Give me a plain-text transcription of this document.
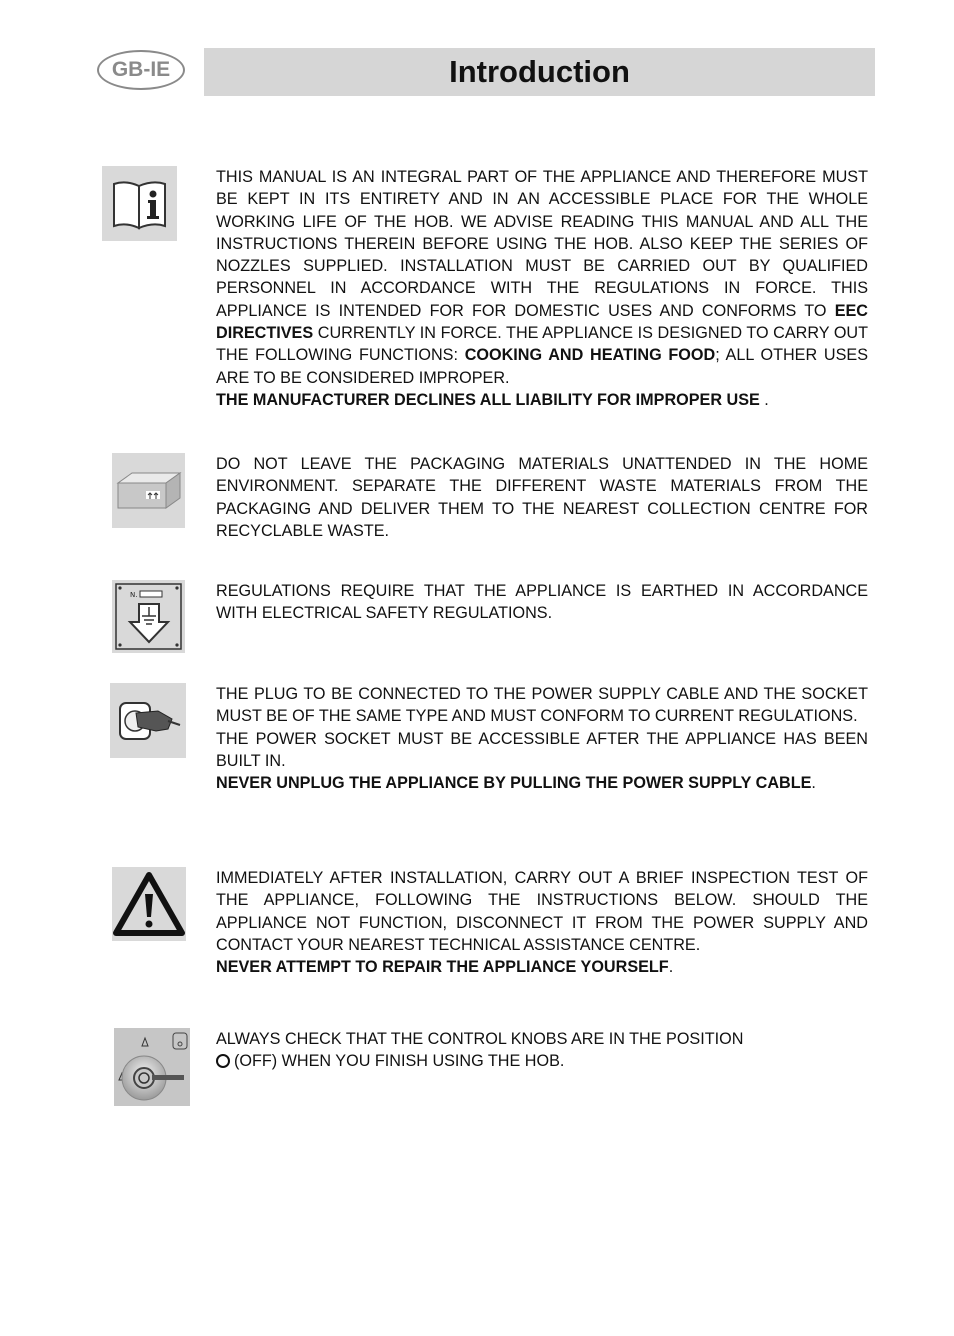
GB-IE	Introduction

THIS MANUAL IS AN INTEGRAL PART OF THE APPLIANCE AND THEREFORE MUST BE KEPT IN ITS ENTIRETY AND IN AN ACCESSIBLE PLACE FOR THE WHOLE WORKING LIFE OF THE HOB. WE ADVISE READING THIS MANUAL AND ALL THE INSTRUCTIONS THEREIN BEFORE USING THE HOB. ALSO KEEP THE SERIES OF NOZZLES SUPPLIED. INSTALLATION MUST BE CARRIED OUT BY QUALIFIED PERSONNEL IN ACCORDANCE WITH THE REGULATIONS IN FORCE. THIS APPLIANCE IS INTENDED FOR FOR DOMESTIC USES AND CONFORMS TO EEC DIRECTIVES CURRENTLY IN FORCE. THE APPLIANCE IS DESIGNED TO CARRY OUT THE FOLLOWING FUNCTIONS: COOKING AND HEATING FOOD; ALL OTHER USES ARE TO BE CONSIDERED IMPROPER.

THE MANUFACTURER DECLINES ALL LIABILITY FOR IMPROPER USE .

DO NOT LEAVE THE PACKAGING MATERIALS UNATTENDED IN THE HOME ENVIRONMENT. SEPARATE THE DIFFERENT WASTE MATERIALS FROM THE PACKAGING AND DELIVER THEM TO THE NEAREST COLLECTION CENTRE FOR RECYCLABLE WASTE.

N.	REGULATIONS REQUIRE THAT THE APPLIANCE IS EARTHED IN ACCORDANCE WITH ELECTRICAL SAFETY REGULATIONS.

THE PLUG TO BE CONNECTED TO THE POWER SUPPLY CABLE AND THE SOCKET MUST BE OF THE SAME TYPE AND MUST CONFORM TO CURRENT REGULATIONS.

THE POWER SOCKET MUST BE ACCESSIBLE AFTER THE APPLIANCE HAS BEEN BUILT IN.

NEVER UNPLUG THE APPLIANCE BY PULLING THE POWER SUPPLY CABLE.

IMMEDIATELY AFTER INSTALLATION, CARRY OUT A BRIEF INSPECTION TEST OF THE APPLIANCE, FOLLOWING THE INSTRUCTIONS BELOW. SHOULD THE APPLIANCE NOT FUNCTION, DISCONNECT IT FROM THE POWER SUPPLY AND CONTACT YOUR NEAREST TECHNICAL ASSISTANCE CENTRE.

NEVER ATTEMPT TO REPAIR THE APPLIANCE YOURSELF.

ALWAYS CHECK THAT THE CONTROL KNOBS ARE IN THE POSITION
(OFF) WHEN YOU FINISH USING THE HOB.
